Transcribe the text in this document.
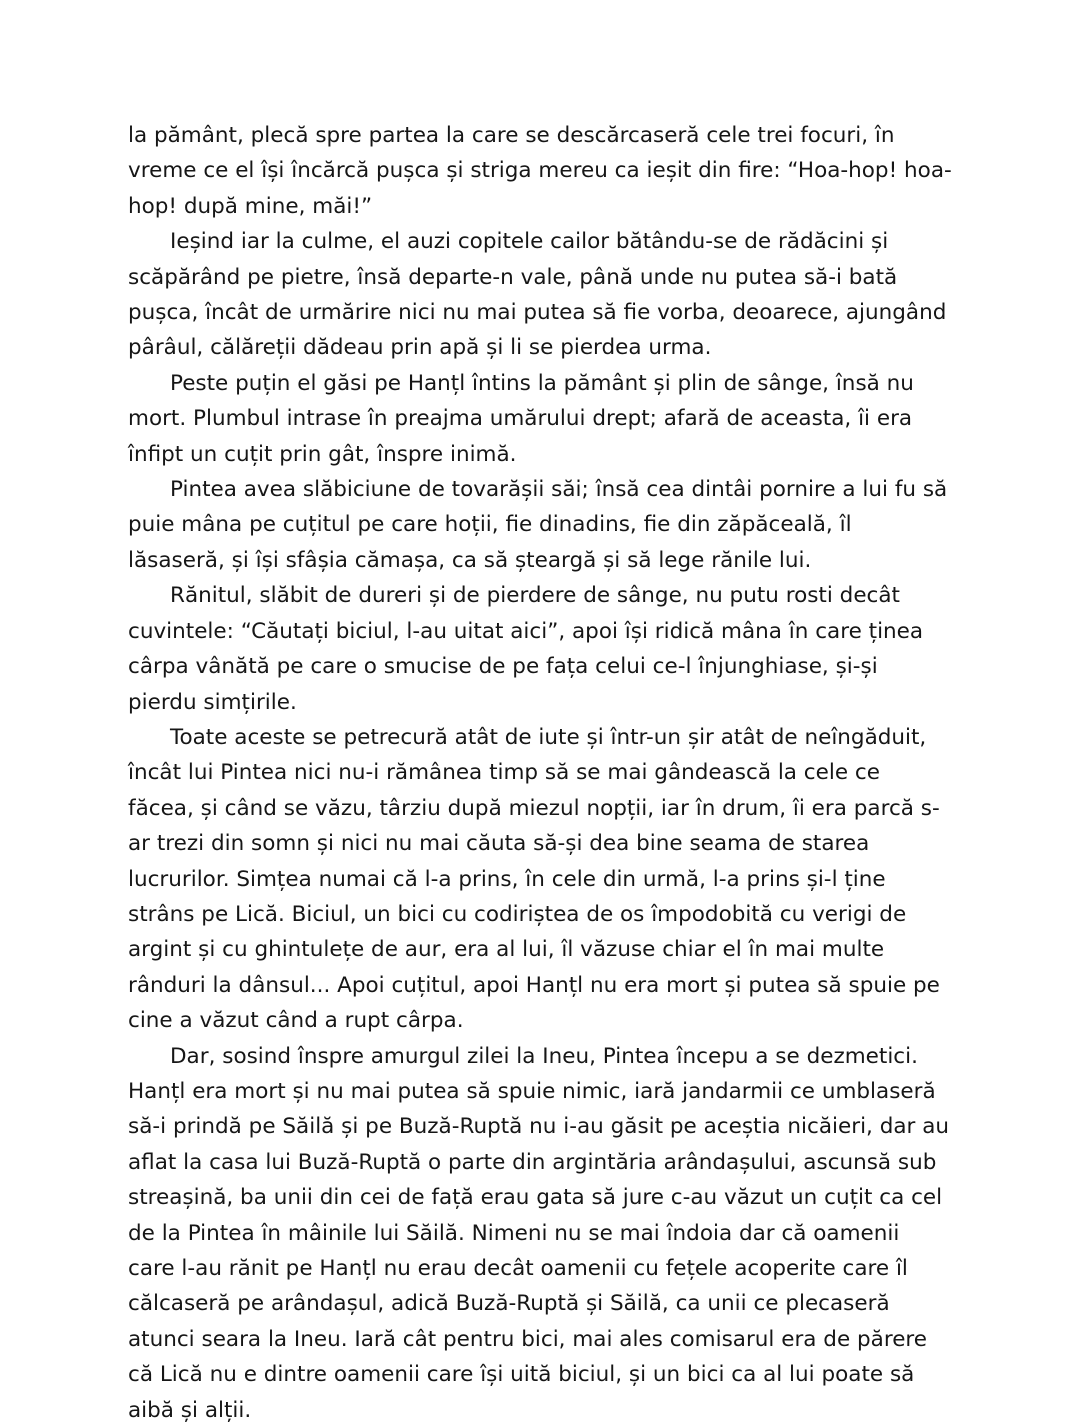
la pământ, plecă spre partea la care se descărcaseră cele trei focuri, în vreme ce el își încărcă pușca și striga mereu ca ieșit din fire: “Hoa-hop! hoa-hop! după mine, măi!”

Ieșind iar la culme, el auzi copitele cailor bătându-se de rădăcini și scăpărând pe pietre, însă departe-n vale, până unde nu putea să-i bată pușca, încât de urmărire nici nu mai putea să fie vorba, deoarece, ajungând pârâul, călăreții dădeau prin apă și li se pierdea urma.

Peste puțin el găsi pe Hanțl întins la pământ și plin de sânge, însă nu mort. Plumbul intrase în preajma umărului drept; afară de aceasta, îi era înfipt un cuțit prin gât, înspre inimă.

Pintea avea slăbiciune de tovarășii săi; însă cea dintâi pornire a lui fu să puie mâna pe cuțitul pe care hoții, fie dinadins, fie din zăpăceală, îl lăsaseră, și își sfâșia cămașa, ca să șteargă și să lege rănile lui.

Rănitul, slăbit de dureri și de pierdere de sânge, nu putu rosti decât cuvintele: “Căutați biciul, l-au uitat aici”, apoi își ridică mâna în care ținea cârpa vânătă pe care o smucise de pe fața celui ce-l înjunghiase, și-și pierdu simțirile.

Toate aceste se petrecură atât de iute și într-un șir atât de neîngăduit, încât lui Pintea nici nu-i rămânea timp să se mai gândească la cele ce făcea, și când se văzu, târziu după miezul nopții, iar în drum, îi era parcă s-ar trezi din somn și nici nu mai căuta să-și dea bine seama de starea lucrurilor. Simțea numai că l-a prins, în cele din urmă, l-a prins și-l ține strâns pe Lică. Biciul, un bici cu codiriștea de os împodobită cu verigi de argint și cu ghintulețe de aur, era al lui, îl văzuse chiar el în mai multe rânduri la dânsul... Apoi cuțitul, apoi Hanțl nu era mort și putea să spuie pe cine a văzut când a rupt cârpa.

Dar, sosind înspre amurgul zilei la Ineu, Pintea începu a se dezmetici. Hanțl era mort și nu mai putea să spuie nimic, iară jandarmii ce umblaseră să-i prindă pe Săilă și pe Buză-Ruptă nu i-au găsit pe aceștia nicăieri, dar au aflat la casa lui Buză-Ruptă o parte din argintăria arândașului, ascunsă sub streașină, ba unii din cei de față erau gata să jure c-au văzut un cuțit ca cel de la Pintea în mâinile lui Săilă. Nimeni nu se mai îndoia dar că oamenii care l-au rănit pe Hanțl nu erau decât oamenii cu fețele acoperite care îl călcaseră pe arândașul, adică Buză-Ruptă și Săilă, ca unii ce plecaseră atunci seara la Ineu. Iară cât pentru bici, mai ales comisarul era de părere că Lică nu e dintre oamenii care își uită biciul, și un bici ca al lui poate să aibă și alții.
